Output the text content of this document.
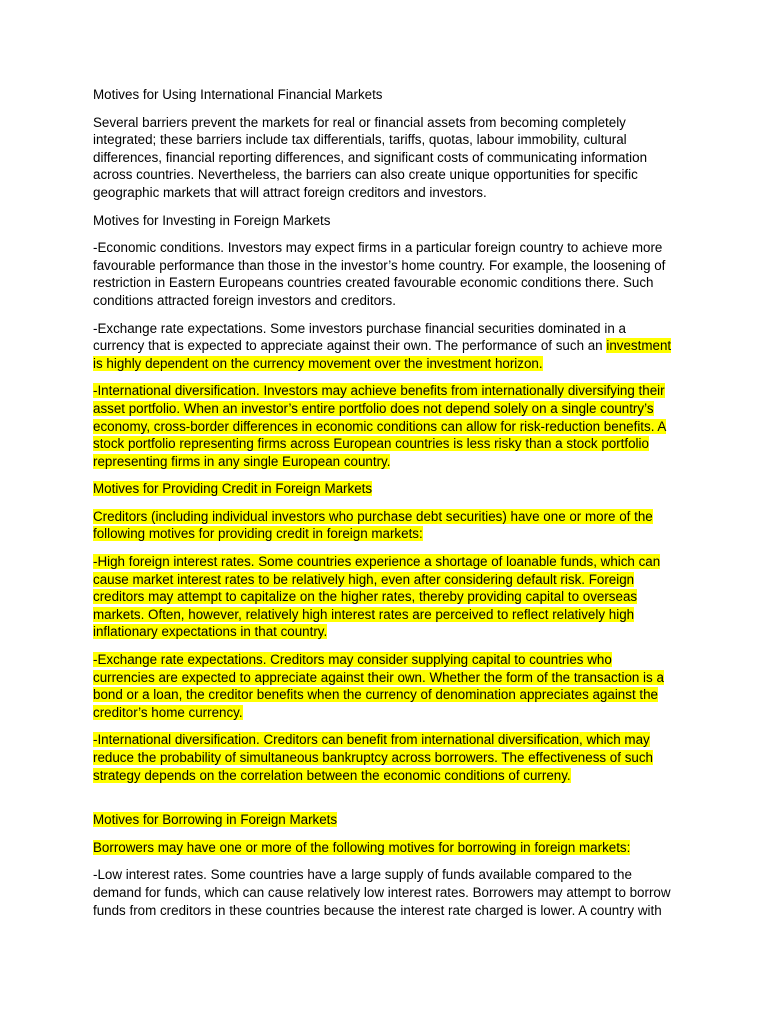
Motives for Using International Financial Markets

Several barriers prevent the markets for real or financial assets from becoming completely integrated; these barriers include tax differentials, tariffs, quotas, labour immobility, cultural differences, financial reporting differences, and significant costs of communicating information across countries. Nevertheless, the barriers can also create unique opportunities for specific geographic markets that will attract foreign creditors and investors.

Motives for Investing in Foreign Markets

-Economic conditions. Investors may expect firms in a particular foreign country to achieve more favourable performance than those in the investor’s home country. For example, the loosening of restriction in Eastern Europeans countries created favourable economic conditions there. Such conditions attracted foreign investors and creditors.

-Exchange rate expectations. Some investors purchase financial securities dominated in a currency that is expected to appreciate against their own. The performance of such an investment is highly dependent on the currency movement over the investment horizon.

-International diversification. Investors may achieve benefits from internationally diversifying their asset portfolio. When an investor’s entire portfolio does not depend solely on a single country’s economy, cross-border differences in economic conditions can allow for risk-reduction benefits. A stock portfolio representing firms across European countries is less risky than a stock portfolio representing firms in any single European country.

Motives for Providing Credit in Foreign Markets

Creditors (including individual investors who purchase debt securities) have one or more of the following motives for providing credit in foreign markets:

-High foreign interest rates. Some countries experience a shortage of loanable funds, which can cause market interest rates to be relatively high, even after considering default risk. Foreign creditors may attempt to capitalize on the higher rates, thereby providing capital to overseas markets. Often, however, relatively high interest rates are perceived to reflect relatively high inflationary expectations in that country.

-Exchange rate expectations. Creditors may consider supplying capital to countries who currencies are expected to appreciate against their own. Whether the form of the transaction is a bond or a loan, the creditor benefits when the currency of denomination appreciates against the creditor’s home currency.

-International diversification. Creditors can benefit from international diversification, which may reduce the probability of simultaneous bankruptcy across borrowers. The effectiveness of such strategy depends on the correlation between the economic conditions of curreny.

Motives for Borrowing in Foreign Markets

Borrowers may have one or more of the following motives for borrowing in foreign markets:

-Low interest rates. Some countries have a large supply of funds available compared to the demand for funds, which can cause relatively low interest rates. Borrowers may attempt to borrow funds from creditors in these countries because the interest rate charged is lower. A country with
